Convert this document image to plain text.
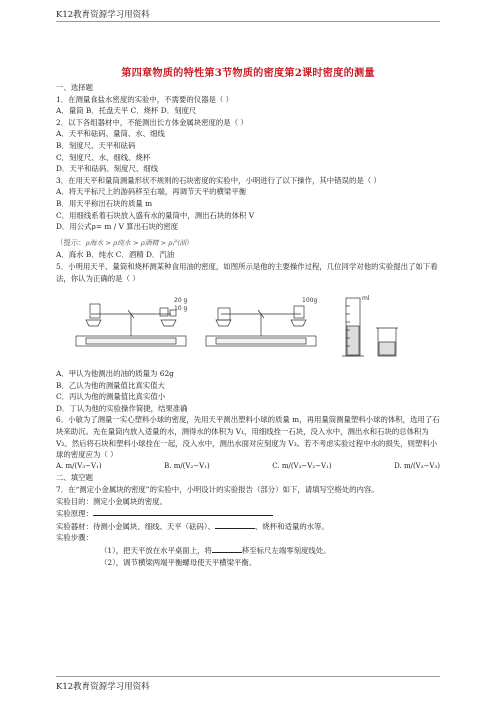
K12教育资源学习用资料
第四章物质的特性第3节物质的密度第2课时密度的测量
一、选择题
1．在测量食盐水密度的实验中，不需要的仪器是（ ）
A．量筒 B．托盘天平 C．烧杯 D．刻度尺
2．以下各组器材中，不能测出长方体金属块密度的是（ ）
A．天平和砝码、量筒、水、细线
B．刻度尺、天平和砝码
C．刻度尺、水、细线、烧杯
D．天平和砝码、刻度尺、细线
3．在用天平和量筒测量形状不规则的石块密度的实验中，小明进行了以下操作，其中错误的是（ ）
A．将天平标尺上的游码移至右端，再调节天平的横梁平衡
B．用天平称出石块的质量 m
C．用细线系着石块放入盛有水的量筒中，测出石块的体积 V
D．用公式ρ= m / V 算出石块的密度
（提示：ρ海水 > ρ纯水 > ρ酒精 > ρ汽油）
A．海水 B．纯水 C．酒精 D．汽油
5．小明用天平、量筒和烧杯测某种食用油的密度，如图所示是他的主要操作过程，几位同学对他的实验提出了如下看法，你认为正确的是（ ）
20 g
10 g
100g	ml
A．甲认为他测出的油的质量为 62g
B．乙认为他的测量值比真实值大
C．丙认为他的测量值比真实值小
D．丁认为他的实验操作简捷，结果准确
6．小敏为了测量一实心塑料小球的密度，先用天平测出塑料小球的质量 m，再用量筒测量塑料小球的体积，选用了石块来助沉。先在量筒内放入适量的水，测得水的体积为 V₁，用细线拴一石块，没入水中，测出水和石块的总体积为 V₂。然后将石块和塑料小球拴在一起，没入水中，测出水面对应刻度为 V₃。若不考虑实验过程中水的损失，则塑料小球的密度应为（ ）
A. m/(V₃−V₁)	B. m/(V₂−V₁)	C. m/(V₃−V₂−V₁)	D. m/(V₃−V₂)
二、填空题
7．在“测定小金属块的密度”的实验中，小明设计的实验报告（部分）如下，请填写空格处的内容。
实验目的：测定小金属块的密度。
实验原理：
实验器材：待测小金属块、细线、天平（砝码）、	、烧杯和适量的水等。
实验步骤：
（1），把天平放在水平桌面上，将	移至标尺左端零刻度线处。
（2），调节横梁两端平衡螺母使天平横梁平衡。
K12教育资源学习用资料
